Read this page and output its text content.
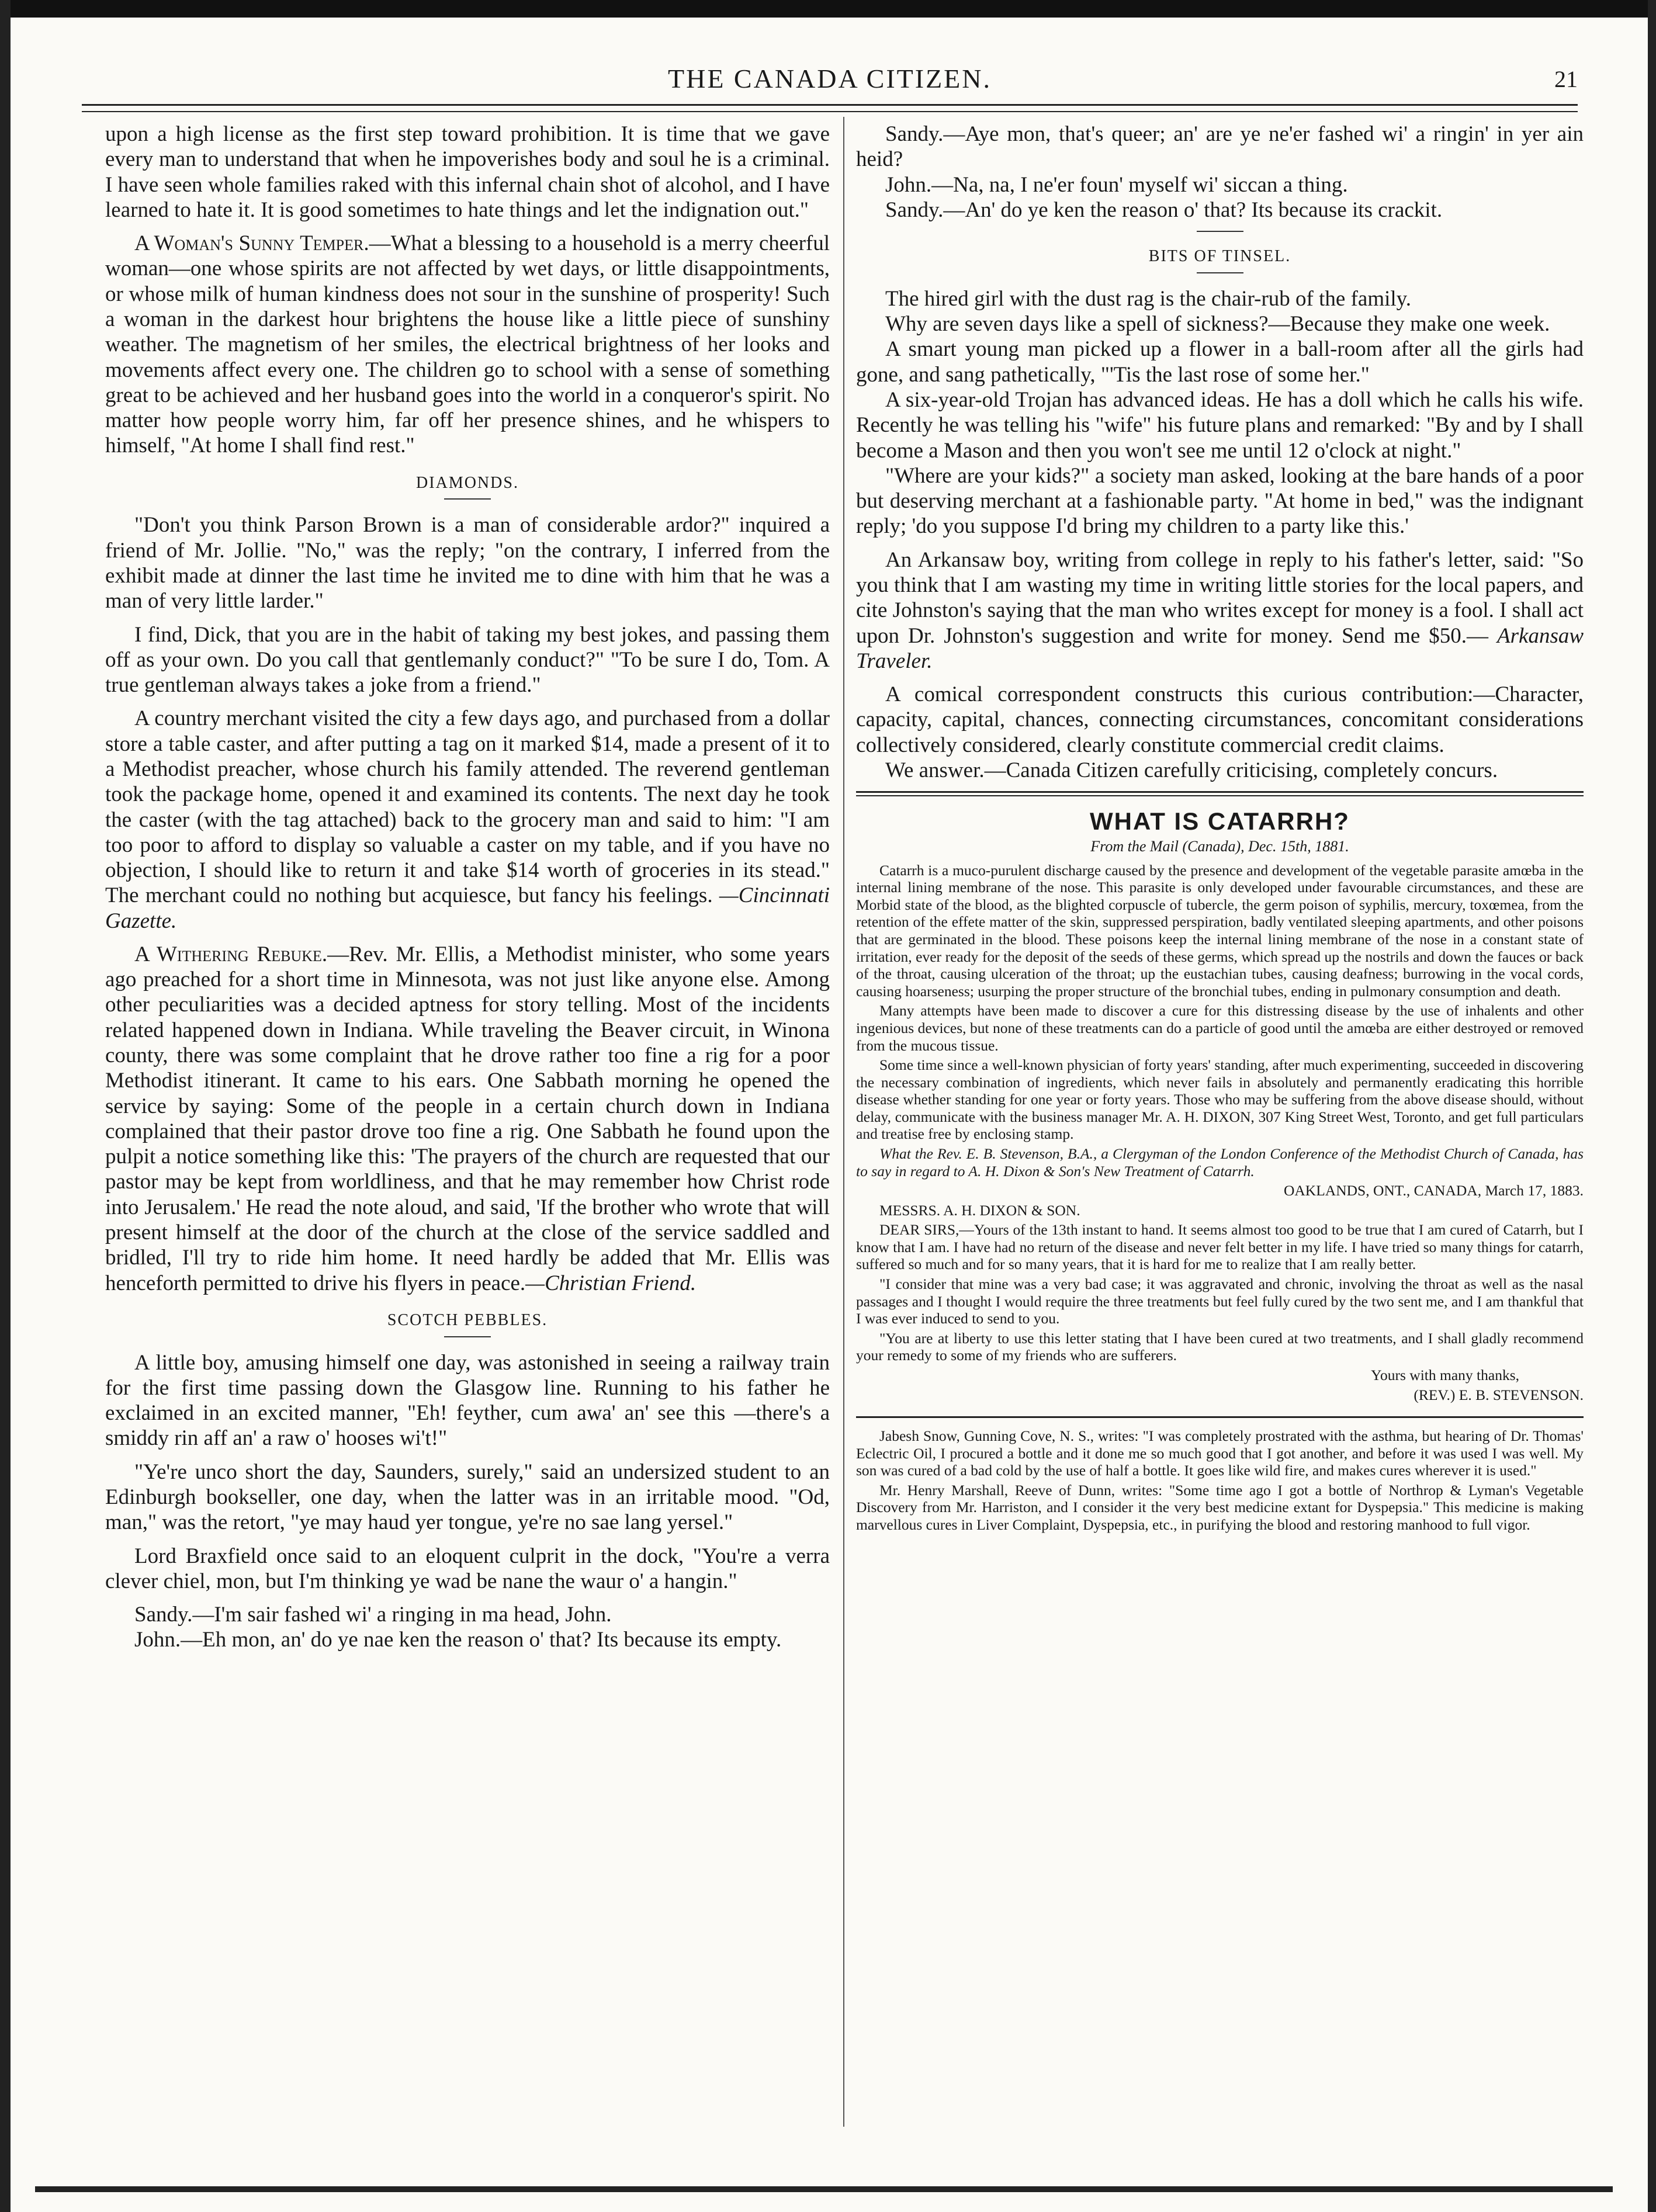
THE CANADA CITIZEN.	21

upon a high license as the first step toward prohibition. It is time that we gave every man to understand that when he impoverishes body and soul he is a criminal. I have seen whole families raked with this infernal chain shot of alcohol, and I have learned to hate it. It is good sometimes to hate things and let the indignation out."

A Woman's Sunny Temper.—What a blessing to a household is a merry cheerful woman—one whose spirits are not affected by wet days, or little disappointments, or whose milk of human kindness does not sour in the sunshine of prosperity! Such a woman in the darkest hour brightens the house like a little piece of sunshiny weather. The magnetism of her smiles, the electrical brightness of her looks and movements affect every one. The children go to school with a sense of something great to be achieved and her husband goes into the world in a conqueror's spirit. No matter how people worry him, far off her presence shines, and he whispers to himself, "At home I shall find rest."

DIAMONDS.

"Don't you think Parson Brown is a man of considerable ardor?" inquired a friend of Mr. Jollie. "No," was the reply; "on the contrary, I inferred from the exhibit made at dinner the last time he invited me to dine with him that he was a man of very little larder."

I find, Dick, that you are in the habit of taking my best jokes, and passing them off as your own. Do you call that gentlemanly conduct?" "To be sure I do, Tom. A true gentleman always takes a joke from a friend."

A country merchant visited the city a few days ago, and purchased from a dollar store a table caster, and after putting a tag on it marked $14, made a present of it to a Methodist preacher, whose church his family attended. The reverend gentleman took the package home, opened it and examined its contents. The next day he took the caster (with the tag attached) back to the grocery man and said to him: "I am too poor to afford to display so valuable a caster on my table, and if you have no objection, I should like to return it and take $14 worth of groceries in its stead." The merchant could no nothing but acquiesce, but fancy his feelings. —Cincinnati Gazette.

A Withering Rebuke.—Rev. Mr. Ellis, a Methodist minister, who some years ago preached for a short time in Minnesota, was not just like anyone else. Among other peculiarities was a decided aptness for story telling. Most of the incidents related happened down in Indiana. While traveling the Beaver circuit, in Winona county, there was some complaint that he drove rather too fine a rig for a poor Methodist itinerant. It came to his ears. One Sabbath morning he opened the service by saying: Some of the people in a certain church down in Indiana complained that their pastor drove too fine a rig. One Sabbath he found upon the pulpit a notice something like this: 'The prayers of the church are requested that our pastor may be kept from worldliness, and that he may remember how Christ rode into Jerusalem.' He read the note aloud, and said, 'If the brother who wrote that will present himself at the door of the church at the close of the service saddled and bridled, I'll try to ride him home. It need hardly be added that Mr. Ellis was henceforth permitted to drive his flyers in peace.—Christian Friend.

SCOTCH PEBBLES.

A little boy, amusing himself one day, was astonished in seeing a railway train for the first time passing down the Glasgow line. Running to his father he exclaimed in an excited manner, "Eh! feyther, cum awa' an' see this —there's a smiddy rin aff an' a raw o' hooses wi't!"

"Ye're unco short the day, Saunders, surely," said an undersized student to an Edinburgh bookseller, one day, when the latter was in an irritable mood. "Od, man," was the retort, "ye may haud yer tongue, ye're no sae lang yersel."

Lord Braxfield once said to an eloquent culprit in the dock, "You're a verra clever chiel, mon, but I'm thinking ye wad be nane the waur o' a hangin."

Sandy.—I'm sair fashed wi' a ringing in ma head, John.

John.—Eh mon, an' do ye nae ken the reason o' that? Its because its empty.

Sandy.—Aye mon, that's queer; an' are ye ne'er fashed wi' a ringin' in yer ain heid?

John.—Na, na, I ne'er foun' myself wi' siccan a thing.

Sandy.—An' do ye ken the reason o' that? Its because its crackit.

BITS OF TINSEL.

The hired girl with the dust rag is the chair-rub of the family.

Why are seven days like a spell of sickness?—Because they make one week.

A smart young man picked up a flower in a ball-room after all the girls had gone, and sang pathetically, "'Tis the last rose of some her."

A six-year-old Trojan has advanced ideas. He has a doll which he calls his wife. Recently he was telling his "wife" his future plans and remarked: "By and by I shall become a Mason and then you won't see me until 12 o'clock at night."

"Where are your kids?" a society man asked, looking at the bare hands of a poor but deserving merchant at a fashionable party. "At home in bed," was the indignant reply; 'do you suppose I'd bring my children to a party like this.'

An Arkansaw boy, writing from college in reply to his father's letter, said: "So you think that I am wasting my time in writing little stories for the local papers, and cite Johnston's saying that the man who writes except for money is a fool. I shall act upon Dr. Johnston's suggestion and write for money. Send me $50.— Arkansaw Traveler.

A comical correspondent constructs this curious contribution:—Character, capacity, capital, chances, connecting circumstances, concomitant considerations collectively considered, clearly constitute commercial credit claims.

We answer.—Canada Citizen carefully criticising, completely concurs.

WHAT IS CATARRH?
From the Mail (Canada), Dec. 15th, 1881.

Catarrh is a muco-purulent discharge caused by the presence and development of the vegetable parasite amœba in the internal lining membrane of the nose. This parasite is only developed under favourable circumstances, and these are Morbid state of the blood, as the blighted corpuscle of tubercle, the germ poison of syphilis, mercury, toxœmea, from the retention of the effete matter of the skin, suppressed perspiration, badly ventilated sleeping apartments, and other poisons that are germinated in the blood. These poisons keep the internal lining membrane of the nose in a constant state of irritation, ever ready for the deposit of the seeds of these germs, which spread up the nostrils and down the fauces or back of the throat, causing ulceration of the throat; up the eustachian tubes, causing deafness; burrowing in the vocal cords, causing hoarseness; usurping the proper structure of the bronchial tubes, ending in pulmonary consumption and death.

Many attempts have been made to discover a cure for this distressing disease by the use of inhalents and other ingenious devices, but none of these treatments can do a particle of good until the amœba are either destroyed or removed from the mucous tissue.

Some time since a well-known physician of forty years' standing, after much experimenting, succeeded in discovering the necessary combination of ingredients, which never fails in absolutely and permanently eradicating this horrible disease whether standing for one year or forty years. Those who may be suffering from the above disease should, without delay, communicate with the business manager Mr. A. H. DIXON, 307 King Street West, Toronto, and get full particulars and treatise free by enclosing stamp.

What the Rev. E. B. Stevenson, B.A., a Clergyman of the London Conference of the Methodist Church of Canada, has to say in regard to A. H. Dixon & Son's New Treatment of Catarrh.

OAKLANDS, ONT., CANADA, March 17, 1883.

MESSRS. A. H. DIXON & SON.

DEAR SIRS,—Yours of the 13th instant to hand. It seems almost too good to be true that I am cured of Catarrh, but I know that I am. I have had no return of the disease and never felt better in my life. I have tried so many things for catarrh, suffered so much and for so many years, that it is hard for me to realize that I am really better.

"I consider that mine was a very bad case; it was aggravated and chronic, involving the throat as well as the nasal passages and I thought I would require the three treatments but feel fully cured by the two sent me, and I am thankful that I was ever induced to send to you.

"You are at liberty to use this letter stating that I have been cured at two treatments, and I shall gladly recommend your remedy to some of my friends who are sufferers.

Yours with many thanks,

(REV.) E. B. STEVENSON.

Jabesh Snow, Gunning Cove, N. S., writes: "I was completely prostrated with the asthma, but hearing of Dr. Thomas' Eclectric Oil, I procured a bottle and it done me so much good that I got another, and before it was used I was well. My son was cured of a bad cold by the use of half a bottle. It goes like wild fire, and makes cures wherever it is used."

Mr. Henry Marshall, Reeve of Dunn, writes: "Some time ago I got a bottle of Northrop & Lyman's Vegetable Discovery from Mr. Harriston, and I consider it the very best medicine extant for Dyspepsia." This medicine is making marvellous cures in Liver Complaint, Dyspepsia, etc., in purifying the blood and restoring manhood to full vigor.
